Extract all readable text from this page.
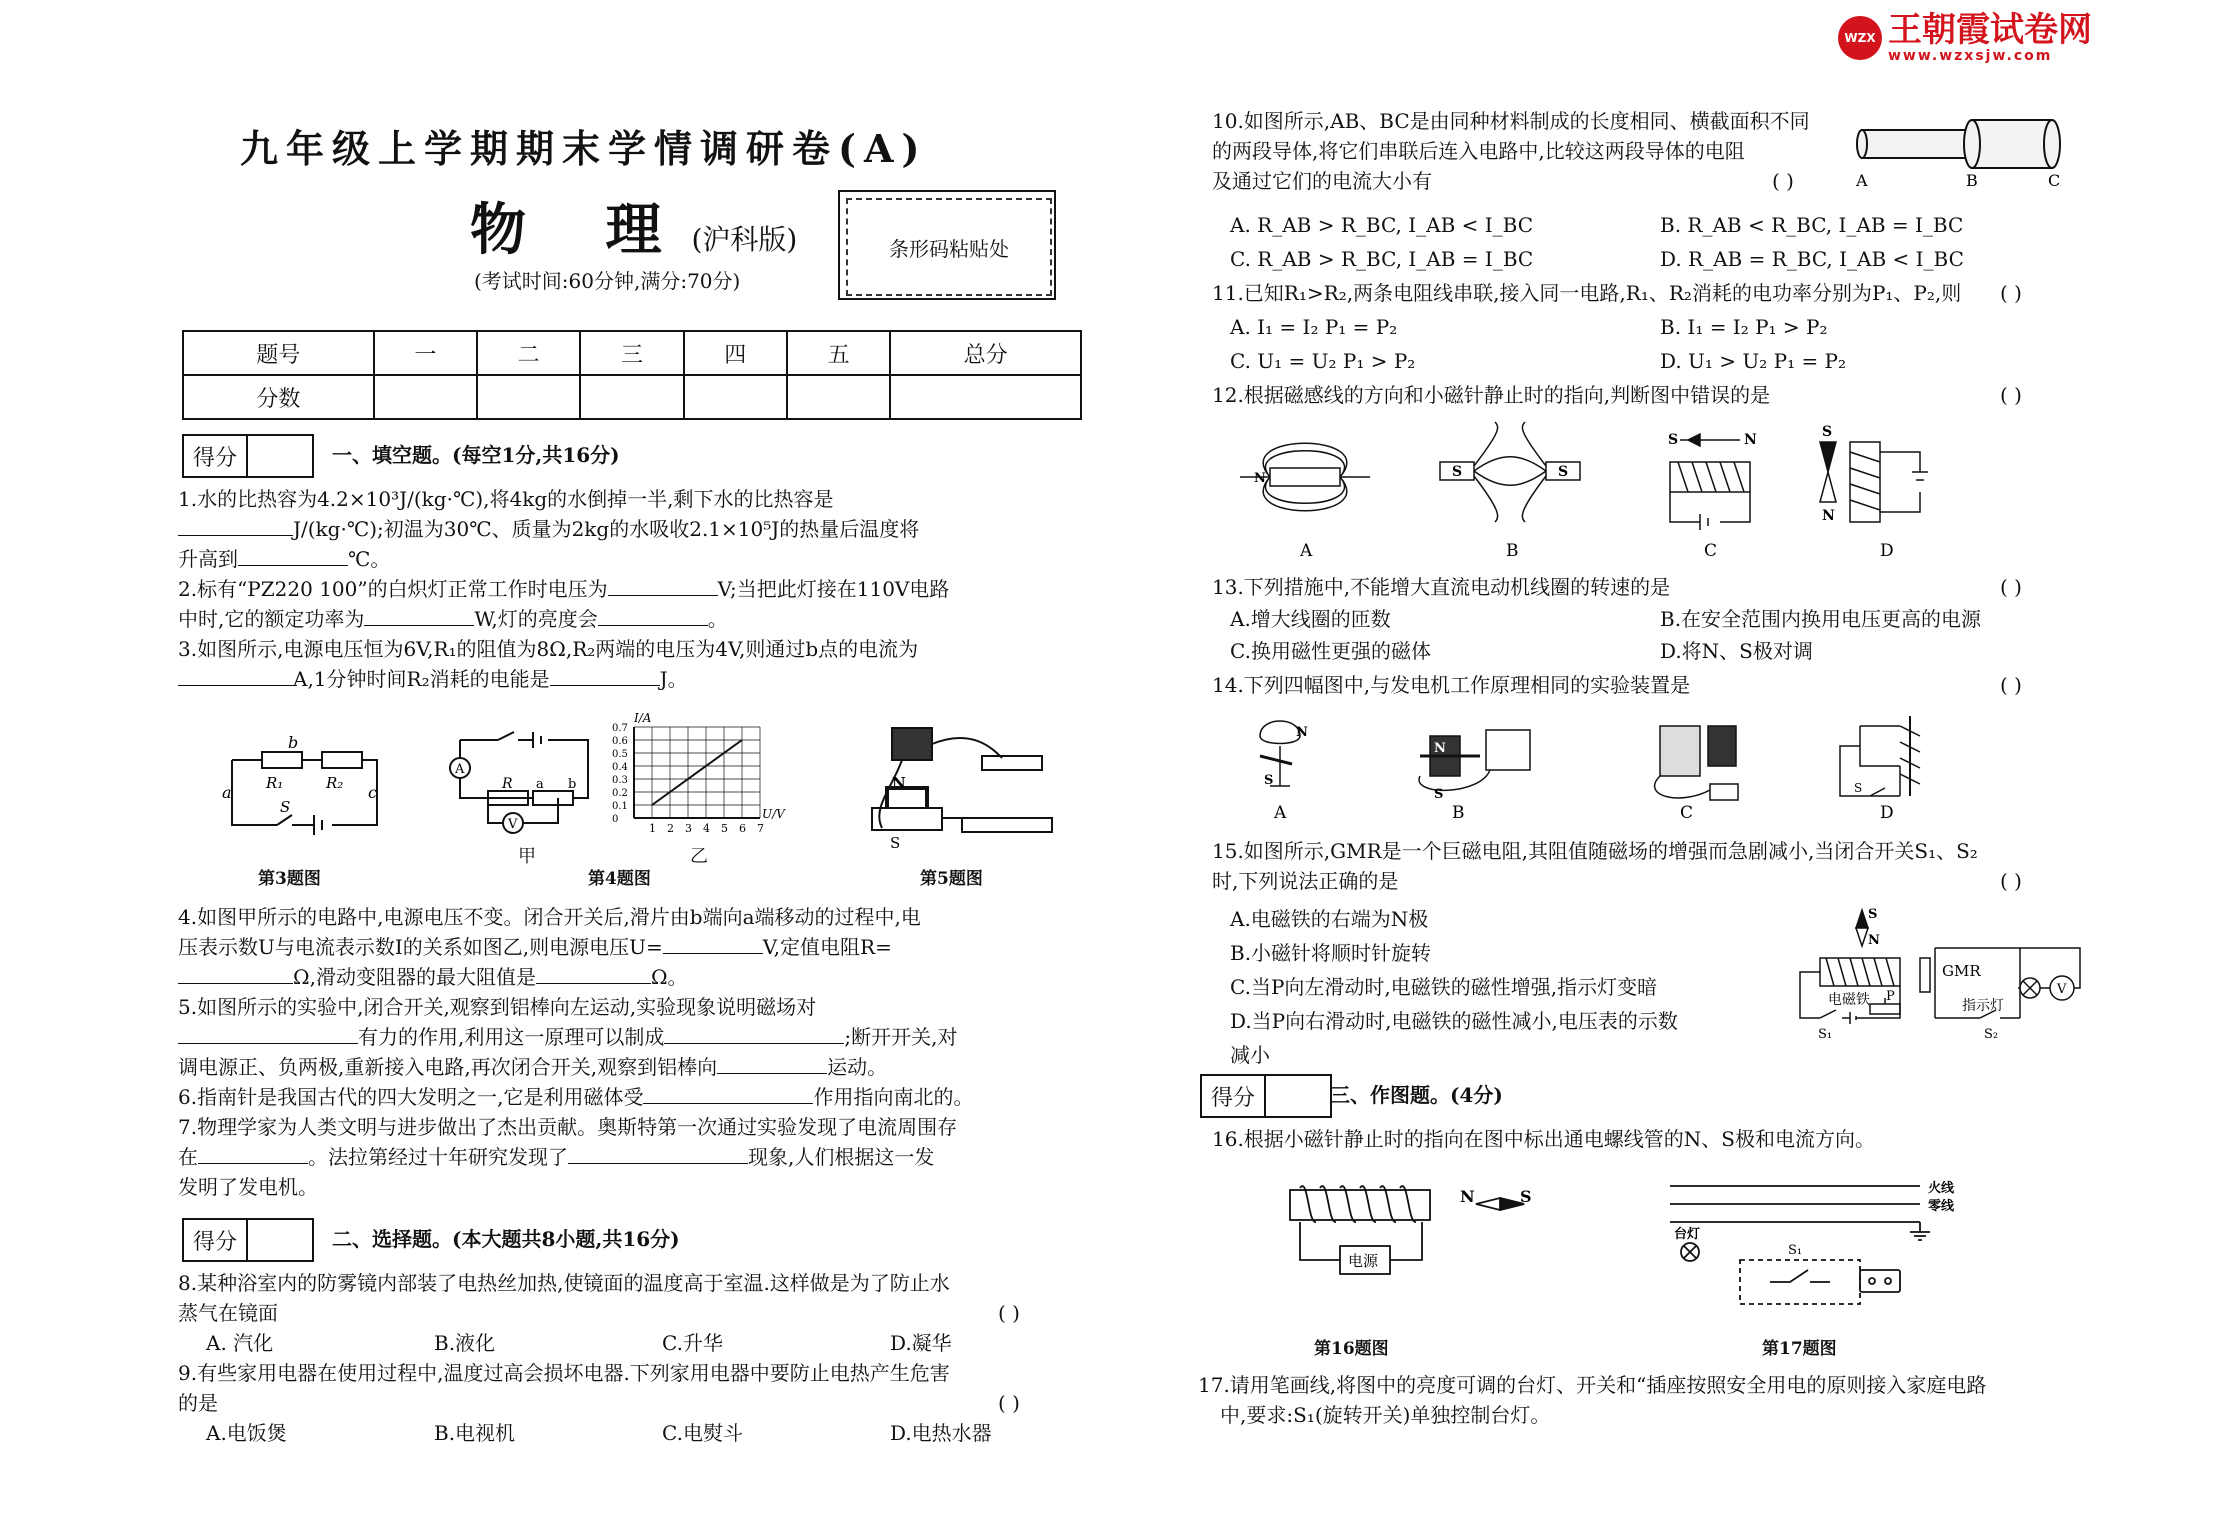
九年级上学期期末学情调研卷(A)
物 理(沪科版)
(考试时间:60分钟,满分:70分)
条形码粘贴处
题号	一	二	三	四	五	总分
分数						
得分	一、填空题。(每空1分,共16分)
1.水的比热容为4.2×10³J/(kg·℃),将4kg的水倒掉一半,剩下水的比热容是
J/(kg·℃);初温为30℃、质量为2kg的水吸收2.1×10⁵J的热量后温度将
升高到	℃。
2.标有“PZ220 100”的白炽灯正常工作时电压为	V;当把此灯接在110V电路
中时,它的额定功率为	W,灯的亮度会	。
3.如图所示,电源电压恒为6V,R₁的阻值为8Ω,R₂两端的电压为4V,则通过b点的电流为
A,1分钟时间R₂消耗的电能是	J。
a
b
c
R₁	R₂
S
第3题图
A
V
R a b
甲
0.7
0.6
0.5
0.4
0.3
0.2
0.1
0
1 2 3 4 5 6 7
I/A
U/V
乙
第4题图
N
S
第5题图
4.如图甲所示的电路中,电源电压不变。闭合开关后,滑片由b端向a端移动的过程中,电
压表示数U与电流表示数I的关系如图乙,则电源电压U=	V,定值电阻R=
Ω,滑动变阻器的最大阻值是	Ω。
5.如图所示的实验中,闭合开关,观察到铝棒向左运动,实验现象说明磁场对
有力的作用,利用这一原理可以制成	;断开开关,对
调电源正、负两极,重新接入电路,再次闭合开关,观察到铝棒向	运动。
6.指南针是我国古代的四大发明之一,它是利用磁体受	作用指向南北的。
7.物理学家为人类文明与进步做出了杰出贡献。奥斯特第一次通过实验发现了电流周围存
在	。法拉第经过十年研究发现了	现象,人们根据这一发
发明了发电机。
得分	二、选择题。(本大题共8小题,共16分)
8.某种浴室内的防雾镜内部装了电热丝加热,使镜面的温度高于室温.这样做是为了防止水
蒸气在镜面	( )
A. 汽化	B.液化	C.升华	D.凝华
9.有些家用电器在使用过程中,温度过高会损坏电器.下列家用电器中要防止电热产生危害
的是	( )
A.电饭煲	B.电视机	C.电熨斗	D.电热水器
WZX 王朝霞试卷网
www.wzxsjw.com
10.如图所示,AB、BC是由同种材料制成的长度相同、横截面积不同
的两段导体,将它们串联后连入电路中,比较这两段导体的电阻
及通过它们的电流大小有	( )	A	B	C
A. R_AB > R_BC, I_AB < I_BC	B. R_AB < R_BC, I_AB = I_BC
C. R_AB > R_BC, I_AB = I_BC	D. R_AB = R_BC, I_AB < I_BC
11.已知R₁>R₂,两条电阻线串联,接入同一电路,R₁、R₂消耗的电功率分别为P₁、P₂,则 ( )
A. I₁ = I₂ P₁ = P₂	B. I₁ = I₂ P₁ > P₂
C. U₁ = U₂ P₁ > P₂	D. U₁ > U₂ P₁ = P₂
12.根据磁感线的方向和小磁针静止时的指向,判断图中错误的是	( )
N	S	S
S	N	S
N
A	B	C	D
13.下列措施中,不能增大直流电动机线圈的转速的是	( )
A.增大线圈的匝数	B.在安全范围内换用电压更高的电源
C.换用磁性更强的磁体	D.将N、S极对调
14.下列四幅图中,与发电机工作原理相同的实验装置是	( )
S
N
N
S	S
A	B	C	D
15.如图所示,GMR是一个巨磁电阻,其阻值随磁场的增强而急剧减小,当闭合开关S₁、S₂
时,下列说法正确的是	( )
A.电磁铁的右端为N极
B.小磁针将顺时针旋转
C.当P向左滑动时,电磁铁的磁性增强,指示灯变暗
D.当P向右滑动时,电磁铁的磁性减小,电压表的示数
减小
S
N
电磁铁 P
GMR
指示灯
V
S₁	S₂
得分	三、作图题。(4分)
16.根据小磁针静止时的指向在图中标出通电螺线管的N、S极和电流方向。
电源
N	S
第16题图
火线
零线
台灯
S₁
第17题图
17.请用笔画线,将图中的亮度可调的台灯、开关和“插座按照安全用电的原则接入家庭电路
中,要求:S₁(旋转开关)单独控制台灯。
